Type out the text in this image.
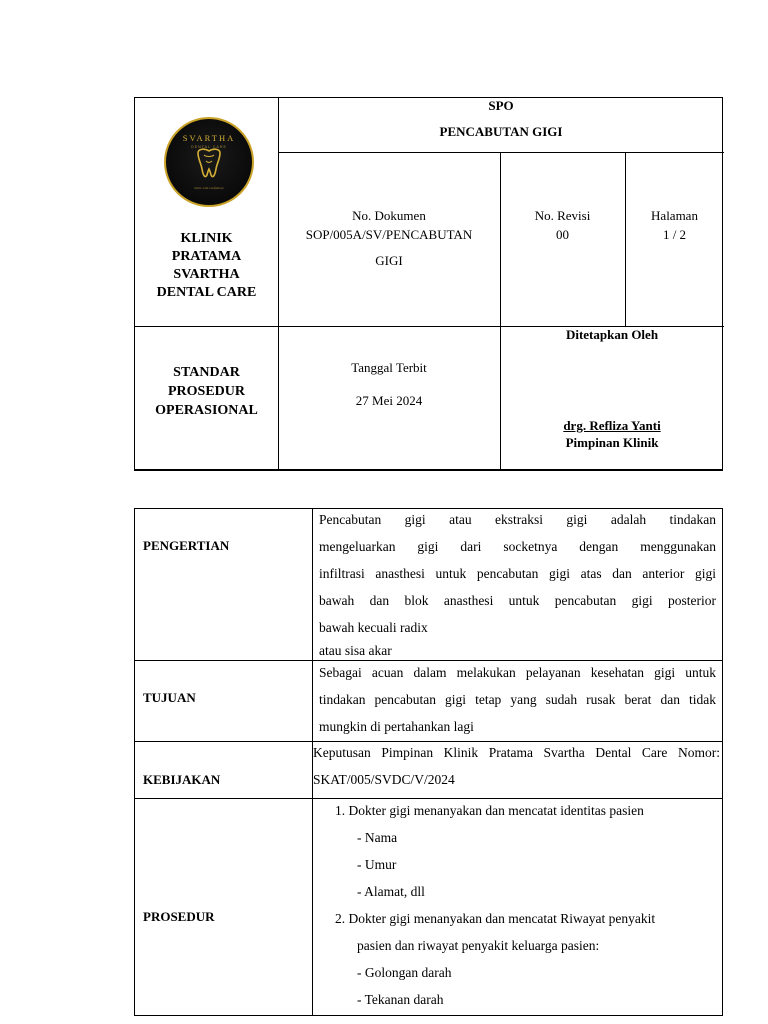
SVARTHA
DENTAL CARE
Smile with confidence
KLINIK
PRATAMA
SVARTHA
DENTAL CARE
SPO
PENCABUTAN GIGI
No. Dokumen
SOP/005A/SV/PENCABUTAN
GIGI
No. Revisi
00
Halaman
1 / 2
STANDAR
PROSEDUR
OPERASIONAL
Tanggal Terbit
27 Mei 2024
Ditetapkan Oleh
drg. Refliza Yanti
Pimpinan Klinik
PENGERTIAN
Pencabutan gigi atau ekstraksi gigi adalah tindakan
mengeluarkan gigi dari socketnya dengan menggunakan
infiltrasi anasthesi untuk pencabutan gigi atas dan anterior gigi
bawah dan blok anasthesi untuk pencabutan gigi posterior
bawah kecuali radix
atau sisa akar
TUJUAN
Sebagai acuan dalam melakukan pelayanan kesehatan gigi untuk
tindakan pencabutan gigi tetap yang sudah rusak berat dan tidak
mungkin di pertahankan lagi
KEBIJAKAN
Keputusan Pimpinan Klinik Pratama Svartha Dental Care Nomor:
SKAT/005/SVDC/V/2024
PROSEDUR
1. Dokter gigi menanyakan dan mencatat identitas pasien
- Nama
- Umur
- Alamat, dll
2. Dokter gigi menanyakan dan mencatat Riwayat penyakit
pasien dan riwayat penyakit keluarga pasien:
- Golongan darah
- Tekanan darah
